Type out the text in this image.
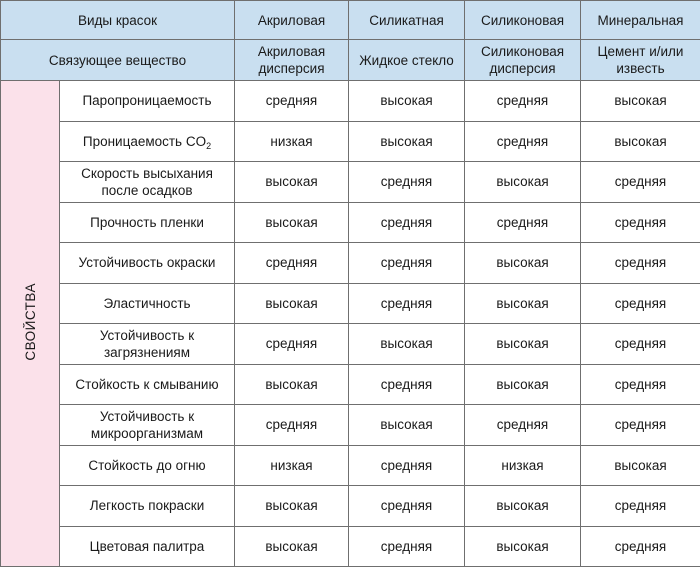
Виды красок		Акриловая	Силикатная	Силиконовая	Минеральная
Связующее вещество		Акриловая дисперсия	Жидкое стекло	Силиконовая дисперсия	Цемент и/или известь
СВОЙСТВА	Паропроницаемость	средняя	высокая	средняя	высокая
	Проницаемость $CO_2$	низкая	высокая	средняя	высокая
	Скорость высыхания после осадков	высокая	средняя	высокая	средняя
	Прочность пленки	высокая	средняя	средняя	средняя
	Устойчивость окраски	средняя	средняя	высокая	средняя
	Эластичность	высокая	средняя	высокая	средняя
	Устойчивость к загрязнениям	средняя	высокая	высокая	средняя
	Стойкость к смыванию	высокая	средняя	высокая	средняя
	Устойчивость к микроорганизмам	средняя	высокая	средняя	средняя
	Стойкость до огню	низкая	средняя	низкая	высокая
	Легкость покраски	высокая	средняя	высокая	средняя
	Цветовая палитра	высокая	средняя	высокая	средняя
